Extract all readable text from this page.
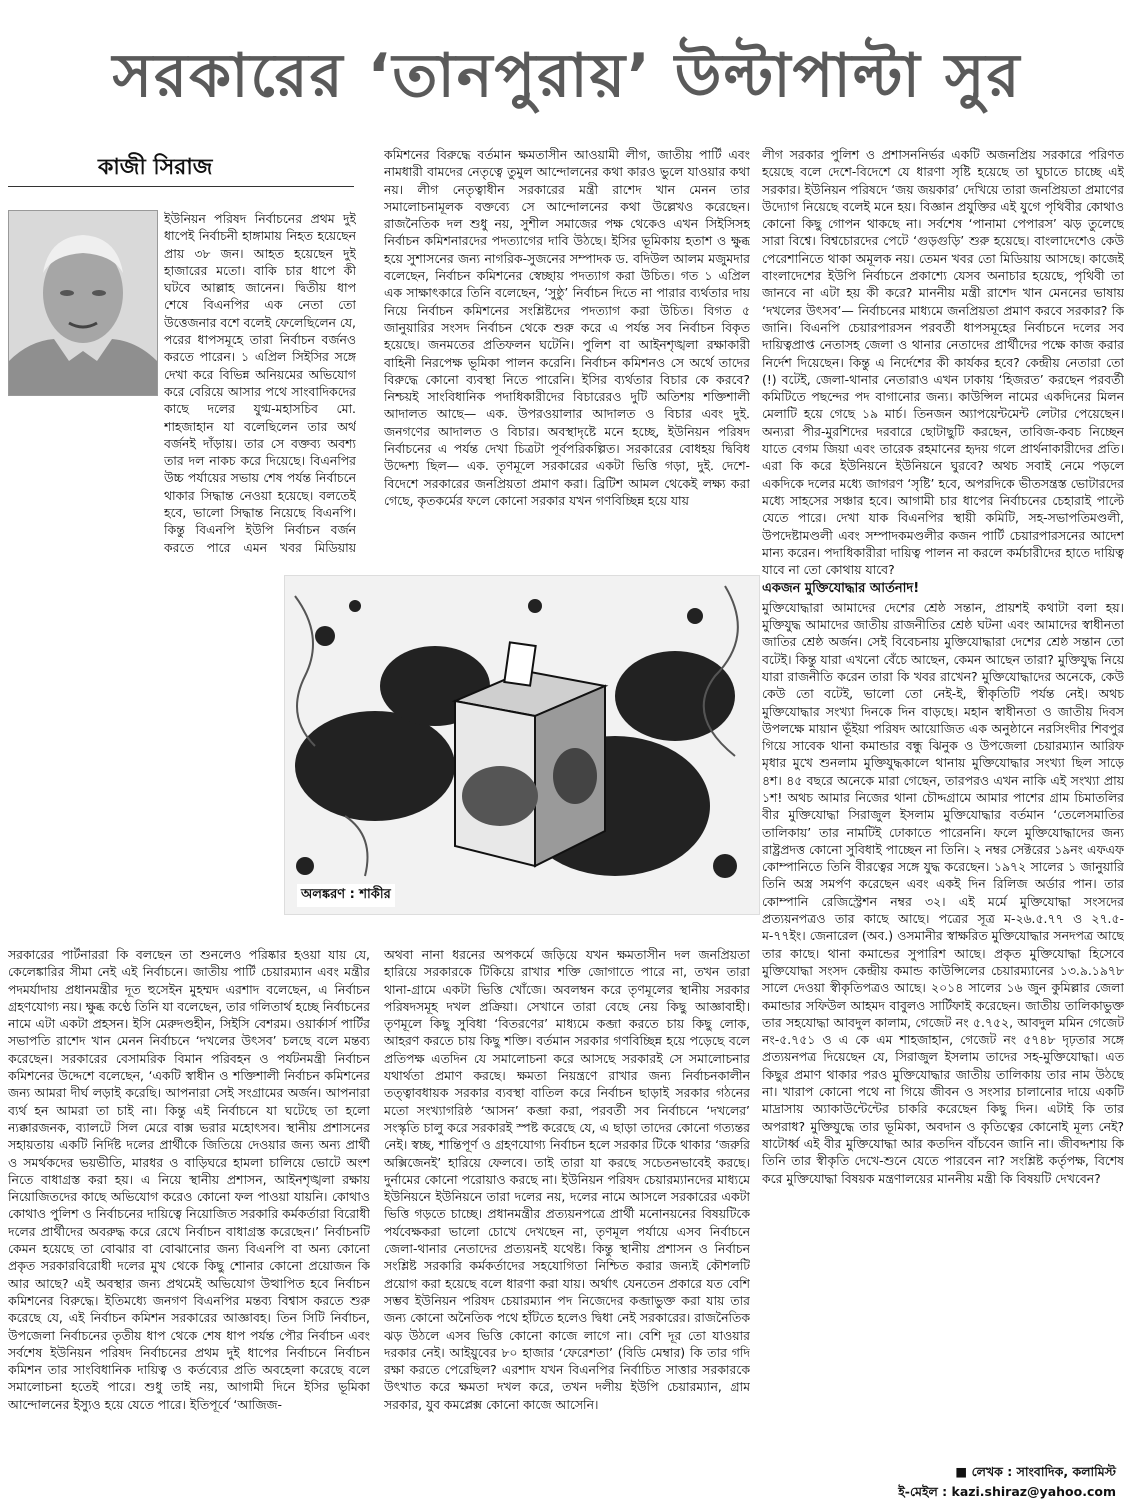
সরকারের ‘তানপুরায়’ উল্টাপাল্টা সুর
কাজী সিরাজ

ইউনিয়ন পরিষদ নির্বাচনের প্রথম দুই ধাপেই নির্বাচনী হাঙ্গামায় নিহত হয়েছেন প্রায় ৩৮ জন। আহত হয়েছেন দুই হাজারের মতো। বাকি চার ধাপে কী ঘটবে আল্লাহ জানেন। দ্বিতীয় ধাপ শেষে বিএনপির এক নেতা তো উত্তেজনার বশে বলেই ফেলেছিলেন যে, পরের ধাপসমূহে তারা নির্বাচন বর্জনও করতে পারেন। ১ এপ্রিল সিইসির সঙ্গে দেখা করে বিভিন্ন অনিয়মের অভিযোগ করে বেরিয়ে আসার পথে সাংবাদিকদের কাছে দলের যুগ্ম-মহাসচিব মো. শাহজাহান যা বলেছিলেন তার অর্থ বর্জনই দাঁড়ায়। তার সে বক্তব্য অবশ্য তার দল নাকচ করে দিয়েছে। বিএনপির উচ্চ পর্যায়ের সভায় শেষ পর্যন্ত নির্বাচনে থাকার সিদ্ধান্ত নেওয়া হয়েছে। বলতেই হবে, ভালো সিদ্ধান্ত নিয়েছে বিএনপি। কিন্তু বিএনপি ইউপি নির্বাচন বর্জন করতে পারে এমন খবর মিডিয়ায়

সরকারের পার্টনাররা কি বলছেন তা শুনলেও পরিষ্কার হওয়া যায় যে, কেলেঙ্কারির সীমা নেই এই নির্বাচনে। জাতীয় পার্টি চেয়ারম্যান এবং মন্ত্রীর পদমর্যাদায় প্রধানমন্ত্রীর দূত হুসেইন মুহম্মদ এরশাদ বলেছেন, এ নির্বাচন গ্রহণযোগ্য নয়। ক্ষুব্ধ কণ্ঠে তিনি যা বলেছেন, তার গলিতার্থ হচ্ছে নির্বাচনের নামে এটা একটা প্রহসন। ইসি মেরুদণ্ডহীন, সিইসি বেশরম। ওয়ার্কার্স পার্টির সভাপতি রাশেদ খান মেনন নির্বাচনে ‘দখলের উৎসব’ চলছে বলে মন্তব্য করেছেন। সরকারের বেসামরিক বিমান পরিবহন ও পর্যটনমন্ত্রী নির্বাচন কমিশনের উদ্দেশে বলেছেন, ‘একটি স্বাধীন ও শক্তিশালী নির্বাচন কমিশনের জন্য আমরা দীর্ঘ লড়াই করেছি। আপনারা সেই সংগ্রামের অর্জন। আপনারা ব্যর্থ হন আমরা তা চাই না। কিন্তু এই নির্বাচনে যা ঘটেছে তা হলো ন্যক্কারজনক, ব্যালটে সিল মেরে বাক্স ভরার মহোৎসব। স্থানীয় প্রশাসনের সহায়তায় একটি নির্দিষ্ট দলের প্রার্থীকে জিতিয়ে দেওয়ার জন্য অন্য প্রার্থী ও সমর্থকদের ভয়ভীতি, মারধর ও বাড়িঘরে হামলা চালিয়ে ভোটে অংশ নিতে বাধাগ্রস্ত করা হয়। এ নিয়ে স্থানীয় প্রশাসন, আইনশৃঙ্খলা রক্ষায় নিয়োজিতদের কাছে অভিযোগ করেও কোনো ফল পাওয়া যায়নি। কোথাও কোথাও পুলিশ ও নির্বাচনের দায়িত্বে নিয়োজিত সরকারি কর্মকর্তারা বিরোধী দলের প্রার্থীদের অবরুদ্ধ করে রেখে নির্বাচন বাধাগ্রস্ত করেছেন।’ নির্বাচনটি কেমন হয়েছে তা বোঝার বা বোঝানোর জন্য বিএনপি বা অন্য কোনো প্রকৃত সরকারবিরোধী দলের মুখ থেকে কিছু শোনার কোনো প্রয়োজন কি আর আছে? এই অবস্থার জন্য প্রথমেই অভিযোগ উত্থাপিত হবে নির্বাচন কমিশনের বিরুদ্ধে। ইতিমধ্যে জনগণ বিএনপির মন্তব্য বিশ্বাস করতে শুরু করেছে যে, এই নির্বাচন কমিশন সরকারের আজ্ঞাবহ। তিন সিটি নির্বাচন, উপজেলা নির্বাচনের তৃতীয় ধাপ থেকে শেষ ধাপ পর্যন্ত পৌর নির্বাচন এবং সর্বশেষ ইউনিয়ন পরিষদ নির্বাচনের প্রথম দুই ধাপের নির্বাচনে নির্বাচন কমিশন তার সাংবিধানিক দায়িত্ব ও কর্তব্যের প্রতি অবহেলা করেছে বলে সমালোচনা হতেই পারে। শুধু তাই নয়, আগামী দিনে ইসির ভূমিকা আন্দোলনের ইস্যুও হয়ে যেতে পারে। ইতিপূর্বে ‘আজিজ-

কমিশনের বিরুদ্ধে বর্তমান ক্ষমতাসীন আওয়ামী লীগ, জাতীয় পার্টি এবং নামধারী বামদের নেতৃত্বে তুমুল আন্দোলনের কথা কারও ভুলে যাওয়ার কথা নয়। লীগ নেতৃত্বাধীন সরকারের মন্ত্রী রাশেদ খান মেনন তার সমালোচনামূলক বক্তব্যে সে আন্দোলনের কথা উল্লেখও করেছেন। রাজনৈতিক দল শুধু নয়, সুশীল সমাজের পক্ষ থেকেও এখন সিইসিসহ নির্বাচন কমিশনারদের পদত্যাগের দাবি উঠছে। ইসির ভূমিকায় হতাশ ও ক্ষুব্ধ হয়ে সুশাসনের জন্য নাগরিক-সুজনের সম্পাদক ড. বদিউল আলম মজুমদার বলেছেন, নির্বাচন কমিশনের স্বেচ্ছায় পদত্যাগ করা উচিত। গত ১ এপ্রিল এক সাক্ষাৎকারে তিনি বলেছেন, ‘সুষ্ঠু’ নির্বাচন দিতে না পারার ব্যর্থতার দায় নিয়ে নির্বাচন কমিশনের সংশ্লিষ্টদের পদত্যাগ করা উচিত। বিগত ৫ জানুয়ারির সংসদ নির্বাচন থেকে শুরু করে এ পর্যন্ত সব নির্বাচন বিকৃত হয়েছে। জনমতের প্রতিফলন ঘটেনি। পুলিশ বা আইনশৃঙ্খলা রক্ষাকারী বাহিনী নিরপেক্ষ ভূমিকা পালন করেনি। নির্বাচন কমিশনও সে অর্থে তাদের বিরুদ্ধে কোনো ব্যবস্থা নিতে পারেনি। ইসির ব্যর্থতার বিচার কে করবে? নিশ্চয়ই সাংবিধানিক পদাধিকারীদের বিচারেরও দুটি অতিশয় শক্তিশালী আদালত আছে— এক. উপরওয়ালার আদালত ও বিচার এবং দুই. জনগণের আদালত ও বিচার। অবস্থাদৃষ্টে মনে হচ্ছে, ইউনিয়ন পরিষদ নির্বাচনের এ পর্যন্ত দেখা চিত্রটা পূর্বপরিকল্পিত। সরকারের বোধহয় দ্বিবিধ উদ্দেশ্য ছিল— এক. তৃণমূলে সরকারের একটা ভিত্তি গড়া, দুই. দেশে-বিদেশে সরকারের জনপ্রিয়তা প্রমাণ করা। ব্রিটিশ আমল থেকেই লক্ষ্য করা গেছে, কৃতকর্মের ফলে কোনো সরকার যখন গণবিচ্ছিন্ন হয়ে যায়

অথবা নানা ধরনের অপকর্মে জড়িয়ে যখন ক্ষমতাসীন দল জনপ্রিয়তা হারিয়ে সরকারকে টিকিয়ে রাখার শক্তি জোগাতে পারে না, তখন তারা থানা-গ্রামে একটা ভিত্তি খোঁজে। অবলম্বন করে তৃণমূলের স্থানীয় সরকার পরিষদসমূহ দখল প্রক্রিয়া। সেখানে তারা বেছে নেয় কিছু আজ্ঞাবাহী। তৃণমূলে কিছু সুবিধা ‘বিতরণের’ মাধ্যমে কব্জা করতে চায় কিছু লোক, আহরণ করতে চায় কিছু শক্তি। বর্তমান সরকার গণবিচ্ছিন্ন হয়ে পড়েছে বলে প্রতিপক্ষ এতদিন যে সমালোচনা করে আসছে সরকারই সে সমালোচনার যথার্থতা প্রমাণ করছে। ক্ষমতা নিয়ন্ত্রণে রাখার জন্য নির্বাচনকালীন তত্ত্বাবধায়ক সরকার ব্যবস্থা বাতিল করে নির্বাচন ছাড়াই সরকার গঠনের মতো সংখ্যাগরিষ্ঠ ‘আসন’ কব্জা করা, পরবর্তী সব নির্বাচনে ‘দখলের’ সংস্কৃতি চালু করে সরকারই স্পষ্ট করেছে যে, এ ছাড়া তাদের কোনো গত্যন্তর নেই। স্বচ্ছ, শান্তিপূর্ণ ও গ্রহণযোগ্য নির্বাচন হলে সরকার টিকে থাকার ‘জরুরি অক্সিজেনই’ হারিয়ে ফেলবে। তাই তারা যা করছে সচেতনভাবেই করছে। দুর্নামের কোনো পরোয়াও করছে না। ইউনিয়ন পরিষদ চেয়ারম্যানদের মাধ্যমে ইউনিয়নে ইউনিয়নে তারা দলের নয়, দলের নামে আসলে সরকারের একটা ভিত্তি গড়তে চাচ্ছে। প্রধানমন্ত্রীর প্রত্যয়নপত্রে প্রার্থী মনোনয়নের বিষয়টিকে পর্যবেক্ষকরা ভালো চোখে দেখছেন না, তৃণমূল পর্যায়ে এসব নির্বাচনে জেলা-থানার নেতাদের প্রত্যয়নই যথেষ্ট। কিন্তু স্থানীয় প্রশাসন ও নির্বাচন সংশ্লিষ্ট সরকারি কর্মকর্তাদের সহযোগিতা নিশ্চিত করার জন্যই কৌশলটি প্রয়োগ করা হয়েছে বলে ধারণা করা যায়। অর্থাৎ যেনতেন প্রকারে যত বেশি সম্ভব ইউনিয়ন পরিষদ চেয়ারম্যান পদ নিজেদের কব্জাভুক্ত করা যায় তার জন্য কোনো অনৈতিক পথে হাঁটতে হলেও দ্বিধা নেই সরকারের। রাজনৈতিক ঝড় উঠলে এসব ভিত্তি কোনো কাজে লাগে না। বেশি দূর তো যাওয়ার দরকার নেই। আইয়ুবের ৮০ হাজার ‘ফেরেশতা’ (বিডি মেম্বার) কি তার গদি রক্ষা করতে পেরেছিল? এরশাদ যখন বিএনপির নির্বাচিত সাত্তার সরকারকে উৎখাত করে ক্ষমতা দখল করে, তখন দলীয় ইউপি চেয়ারম্যান, গ্রাম সরকার, যুব কমপ্লেক্স কোনো কাজে আসেনি।

লীগ সরকার পুলিশ ও প্রশাসননির্ভর একটি অজনপ্রিয় সরকারে পরিণত হয়েছে বলে দেশে-বিদেশে যে ধারণা সৃষ্টি হয়েছে তা ঘুচাতে চাচ্ছে এই সরকার। ইউনিয়ন পরিষদে ‘জয় জয়কার’ দেখিয়ে তারা জনপ্রিয়তা প্রমাণের উদ্যোগ নিয়েছে বলেই মনে হয়। বিজ্ঞান প্রযুক্তির এই যুগে পৃথিবীর কোথাও কোনো কিছু গোপন থাকছে না। সর্বশেষ ‘পানামা পেপারস’ ঝড় তুলেছে সারা বিশ্বে। বিশ্বচোরদের পেটে ‘গুড়গুড়ি’ শুরু হয়েছে। বাংলাদেশেও কেউ পেরেশানিতে থাকা অমূলক নয়। তেমন খবর তো মিডিয়ায় আসছে। কাজেই বাংলাদেশের ইউপি নির্বাচনে প্রকাশ্যে যেসব অনাচার হয়েছে, পৃথিবী তা জানবে না এটা হয় কী করে? মাননীয় মন্ত্রী রাশেদ খান মেননের ভাষায় ‘দখলের উৎসব’— নির্বাচনের মাধ্যমে জনপ্রিয়তা প্রমাণ করবে সরকার? কি জানি। বিএনপি চেয়ারপারসন পরবর্তী ধাপসমূহের নির্বাচনে দলের সব দায়িত্বপ্রাপ্ত নেতাসহ জেলা ও থানার নেতাদের প্রার্থীদের পক্ষে কাজ করার নির্দেশ দিয়েছেন। কিন্তু এ নির্দেশের কী কার্যকর হবে? কেন্দ্রীয় নেতারা তো (!) বটেই, জেলা-থানার নেতারাও এখন ঢাকায় ‘হিজরত’ করছেন পরবর্তী কমিটিতে পছন্দের পদ বাগানোর জন্য। কাউন্সিল নামের একদিনের মিলন মেলাটি হয়ে গেছে ১৯ মার্চ। তিনজন অ্যাপয়েন্টমেন্ট লেটার পেয়েছেন। অন্যরা পীর-মুরশিদের দরবারে ছোটাছুটি করছেন, তাবিজ-কবচ নিচ্ছেন যাতে বেগম জিয়া এবং তারেক রহমানের হৃদয় গলে প্রার্থনাকারীদের প্রতি। এরা কি করে ইউনিয়নে ইউনিয়নে ঘুরবে? অথচ সবাই নেমে পড়লে একদিকে দলের মধ্যে জাগরণ ‘সৃষ্টি’ হবে, অপরদিকে ভীতসন্ত্রস্ত ভোটারদের মধ্যে সাহসের সঞ্চার হবে। আগামী চার ধাপের নির্বাচনের চেহারাই পাল্টে যেতে পারে। দেখা যাক বিএনপির স্থায়ী কমিটি, সহ-সভাপতিমণ্ডলী, উপদেষ্টামণ্ডলী এবং সম্পাদকমণ্ডলীর কজন পার্টি চেয়ারপারসনের আদেশ মান্য করেন। পদাধিকারীরা দায়িত্ব পালন না করলে কর্মচারীদের হাতে দায়িত্ব যাবে না তো কোথায় যাবে?

একজন মুক্তিযোদ্ধার আর্তনাদ!

মুক্তিযোদ্ধারা আমাদের দেশের শ্রেষ্ঠ সন্তান, প্রায়শই কথাটা বলা হয়। মুক্তিযুদ্ধ আমাদের জাতীয় রাজনীতির শ্রেষ্ঠ ঘটনা এবং আমাদের স্বাধীনতা জাতির শ্রেষ্ঠ অর্জন। সেই বিবেচনায় মুক্তিযোদ্ধারা দেশের শ্রেষ্ঠ সন্তান তো বটেই। কিন্তু যারা এখনো বেঁচে আছেন, কেমন আছেন তারা? মুক্তিযুদ্ধ নিয়ে যারা রাজনীতি করেন তারা কি খবর রাখেন? মুক্তিযোদ্ধাদের অনেকে, কেউ কেউ তো বটেই, ভালো তো নেই-ই, স্বীকৃতিটি পর্যন্ত নেই। অথচ মুক্তিযোদ্ধার সংখ্যা দিনকে দিন বাড়ছে। মহান স্বাধীনতা ও জাতীয় দিবস উপলক্ষে মায়ান ভূঁইয়া পরিষদ আয়োজিত এক অনুষ্ঠানে নরসিংদীর শিবপুর গিয়ে সাবেক থানা কমান্ডার বন্ধু ঝিনুক ও উপজেলা চেয়ারম্যান আরিফ মৃধার মুখে শুনলাম মুক্তিযুদ্ধকালে থানায় মুক্তিযোদ্ধার সংখ্যা ছিল সাড়ে ৪শ। ৪৫ বছরে অনেকে মারা গেছেন, তারপরও এখন নাকি এই সংখ্যা প্রায় ১শ! অথচ আমার নিজের থানা চৌদ্দগ্রামে আমার পাশের গ্রাম চিমাতলির বীর মুক্তিযোদ্ধা সিরাজুল ইসলাম মুক্তিযোদ্ধার বর্তমান ‘তেলেসমাতির তালিকায়’ তার নামটিই ঢোকাতে পারেননি। ফলে মুক্তিযোদ্ধাদের জন্য রাষ্ট্রপ্রদত্ত কোনো সুবিধাই পাচ্ছেন না তিনি। ২ নম্বর সেক্টরের ১৯নং এফএফ কোম্পানিতে তিনি বীরত্বের সঙ্গে যুদ্ধ করেছেন। ১৯৭২ সালের ১ জানুয়ারি তিনি অস্ত্র সমর্পণ করেছেন এবং একই দিন রিলিজ অর্ডার পান। তার কোম্পানি রেজিস্ট্রেশন নম্বর ৩২। এই মর্মে মুক্তিযোদ্ধা সংসদের প্রত্যয়নপত্রও তার কাছে আছে। পত্রের সূত্র ম-২৬.৫.৭৭ ও ২৭.৫-ম-৭৭ইং। জেনারেল (অব.) ওসমানীর স্বাক্ষরিত মুক্তিযোদ্ধার সনদপত্র আছে তার কাছে। থানা কমান্ডের সুপারিশ আছে। প্রকৃত মুক্তিযোদ্ধা হিসেবে মুক্তিযোদ্ধা সংসদ কেন্দ্রীয় কমান্ড কাউন্সিলের চেয়ারম্যানের ১৩.৯.১৯৭৮ সালে দেওয়া স্বীকৃতিপত্রও আছে। ২০১৪ সালের ১৬ জুন কুমিল্লার জেলা কমান্ডার সফিউল আহমদ বাবুলও সার্টিফাই করেছেন। জাতীয় তালিকাভুক্ত তার সহযোদ্ধা আবদুল কালাম, গেজেট নং ৫.৭৫২, আবদুল মমিন গেজেট নং-৫.৭৫১ ও এ কে এম শাহজাহান, গেজেট নং ৫৭৪৮ দৃঢ়তার সঙ্গে প্রত্যয়নপত্র দিয়েছেন যে, সিরাজুল ইসলাম তাদের সহ-মুক্তিযোদ্ধা। এত কিছুর প্রমাণ থাকার পরও মুক্তিযোদ্ধার জাতীয় তালিকায় তার নাম উঠছে না। খারাপ কোনো পথে না গিয়ে জীবন ও সংসার চালানোর দায়ে একটি মাদ্রাসায় অ্যাকাউন্টেন্টের চাকরি করেছেন কিছু দিন। এটাই কি তার অপরাধ? মুক্তিযুদ্ধে তার ভূমিকা, অবদান ও কৃতিত্বের কোনোই মূল্য নেই? ষাটোর্ধ্ব এই বীর মুক্তিযোদ্ধা আর কতদিন বাঁচবেন জানি না। জীবদ্দশায় কি তিনি তার স্বীকৃতি দেখে-শুনে যেতে পারবেন না? সংশ্লিষ্ট কর্তৃপক্ষ, বিশেষ করে মুক্তিযোদ্ধা বিষয়ক মন্ত্রণালয়ের মাননীয় মন্ত্রী কি বিষয়টি দেখবেন?

অলঙ্করণ : শাকীর
■ লেখক : সাংবাদিক, কলামিস্ট
ই-মেইল : kazi.shiraz@yahoo.com
